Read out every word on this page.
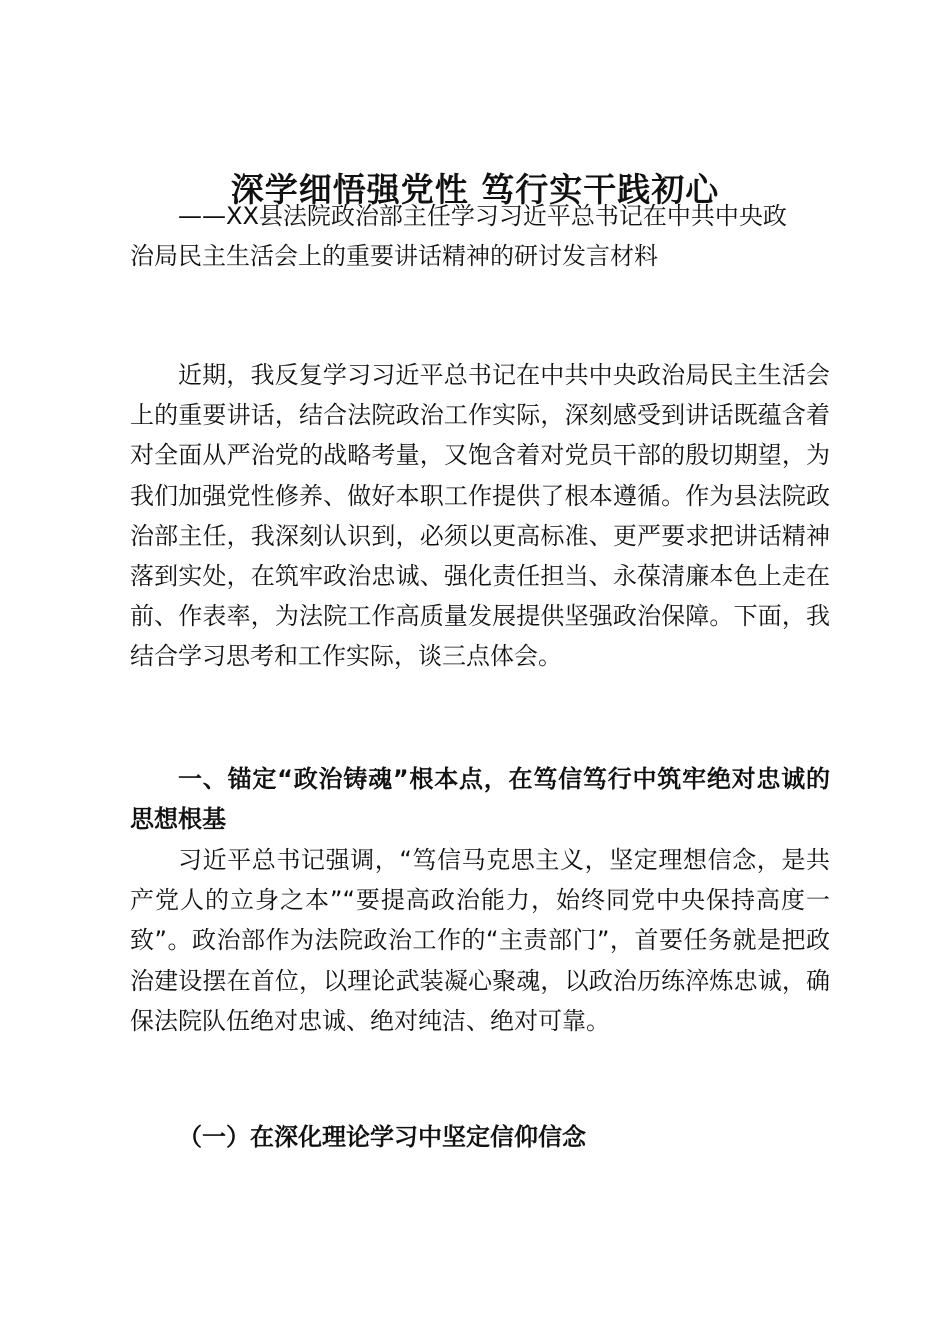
深学细悟强党性 笃行实干践初心

——XX县法院政治部主任学习习近平总书记在中共中央政
治局民主生活会上的重要讲话精神的研讨发言材料

近期，我反复学习习近平总书记在中共中央政治局民主生活会上的重要讲话，结合法院政治工作实际，深刻感受到讲话既蕴含着对全面从严治党的战略考量，又饱含着对党员干部的殷切期望，为我们加强党性修养、做好本职工作提供了根本遵循。作为县法院政治部主任，我深刻认识到，必须以更高标准、更严要求把讲话精神落到实处，在筑牢政治忠诚、强化责任担当、永葆清廉本色上走在前、作表率，为法院工作高质量发展提供坚强政治保障。下面，我结合学习思考和工作实际，谈三点体会。

一、锚定“政治铸魂”根本点，在笃信笃行中筑牢绝对忠诚的思想根基

习近平总书记强调，“笃信马克思主义，坚定理想信念，是共产党人的立身之本”“要提高政治能力，始终同党中央保持高度一致”。政治部作为法院政治工作的“主责部门”，首要任务就是把政治建设摆在首位，以理论武装凝心聚魂，以政治历练淬炼忠诚，确保法院队伍绝对忠诚、绝对纯洁、绝对可靠。

（一）在深化理论学习中坚定信仰信念
